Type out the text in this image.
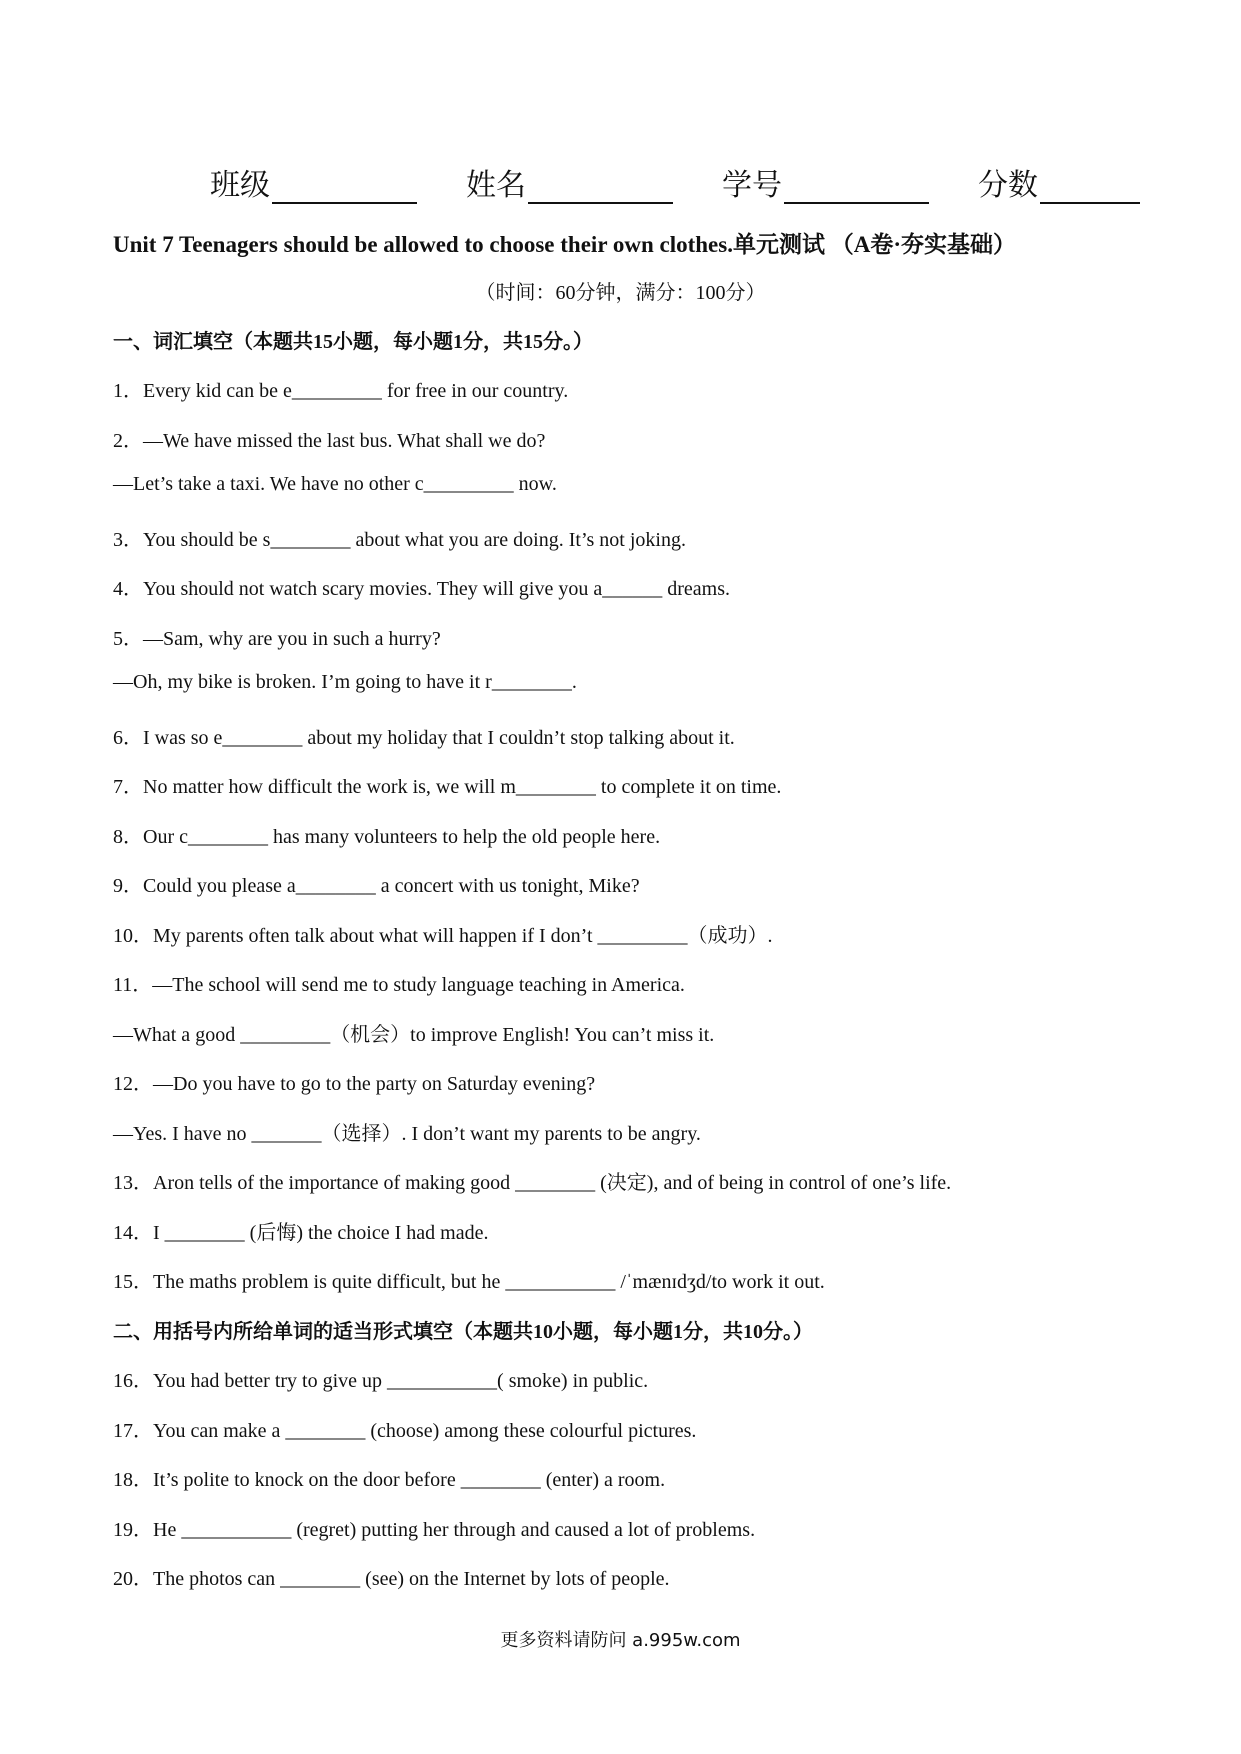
班级	姓名	学号	分数
Unit 7 Teenagers should be allowed to choose their own clothes.单元测试 （A卷·夯实基础）
（时间：60分钟，满分：100分）
一、词汇填空（本题共15小题，每小题1分，共15分。）
1．Every kid can be e_________ for free in our country.
2．—We have missed the last bus. What shall we do?
—Let’s take a taxi. We have no other c_________ now.
3．You should be s________ about what you are doing. It’s not joking.
4．You should not watch scary movies. They will give you a______ dreams.
5．—Sam, why are you in such a hurry?
—Oh, my bike is broken. I’m going to have it r________.
6．I was so e________ about my holiday that I couldn’t stop talking about it.
7．No matter how difficult the work is, we will m________ to complete it on time.
8．Our c________ has many volunteers to help the old people here.
9．Could you please a________ a concert with us tonight, Mike?
10．My parents often talk about what will happen if I don’t _________（成功）.
11．—The school will send me to study language teaching in America.
—What a good _________（机会）to improve English! You can’t miss it.
12．—Do you have to go to the party on Saturday evening?
—Yes. I have no _______（选择）. I don’t want my parents to be angry.
13．Aron tells of the importance of making good ________ (决定), and of being in control of one’s life.
14．I ________ (后悔) the choice I had made.
15．The maths problem is quite difficult, but he ___________ /ˈmænɪdʒd/to work it out.
二、用括号内所给单词的适当形式填空（本题共10小题，每小题1分，共10分。）
16．You had better try to give up ___________( smoke) in public.
17．You can make a ________ (choose) among these colourful pictures.
18．It’s polite to knock on the door before ________ (enter) a room.
19．He ___________ (regret) putting her through and caused a lot of problems.
20．The photos can ________ (see) on the Internet by lots of people.
更多资料请防问 a.995w.com
